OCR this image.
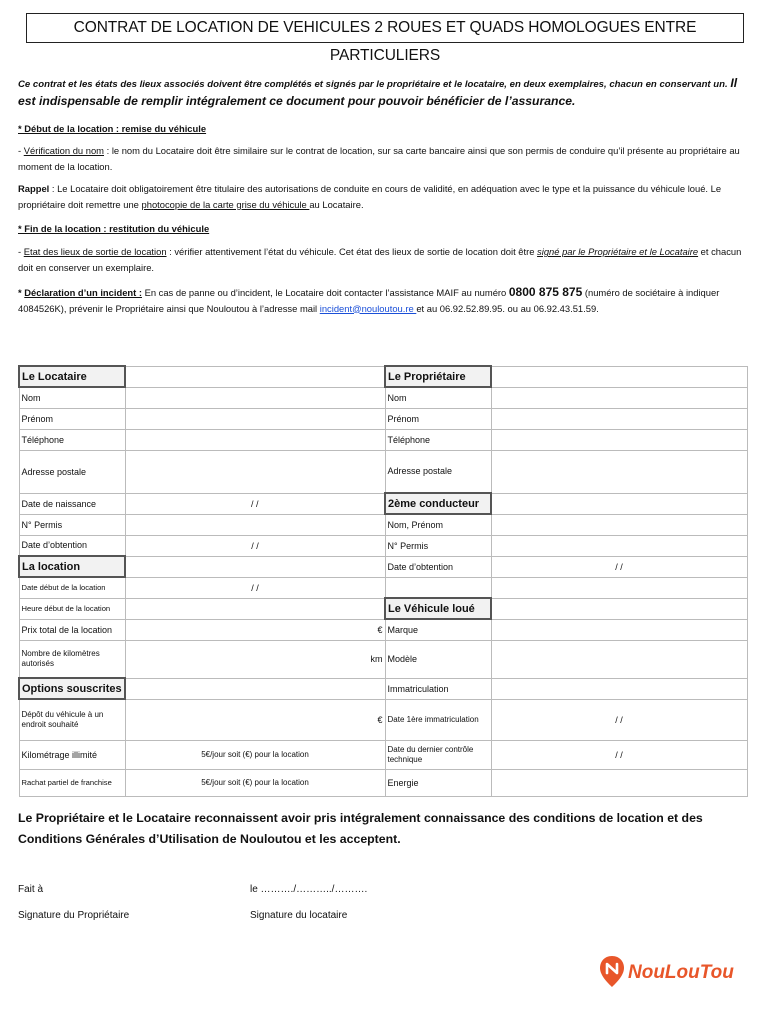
CONTRAT DE LOCATION DE VEHICULES 2 ROUES ET QUADS HOMOLOGUES ENTRE PARTICULIERS
Ce contrat et les états des lieux associés doivent être complétés et signés par le propriétaire et le locataire, en deux exemplaires, chacun en conservant un. Il est indispensable de remplir intégralement ce document pour pouvoir bénéficier de l’assurance.
* Début de la location : remise du véhicule
- Vérification du nom : le nom du Locataire doit être similaire sur le contrat de location, sur sa carte bancaire ainsi que son permis de conduire qu’il présente au propriétaire au moment de la location.
Rappel : Le Locataire doit obligatoirement être titulaire des autorisations de conduite en cours de validité, en adéquation avec le type et la puissance du véhicule loué. Le propriétaire doit remettre une photocopie de la carte grise du véhicule au Locataire.
* Fin de la location : restitution du véhicule
- Etat des lieux de sortie de location : vérifier attentivement l’état du véhicule. Cet état des lieux de sortie de location doit être signé par le Propriétaire et le Locataire et chacun doit en conserver un exemplaire.
* Déclaration d’un incident : En cas de panne ou d’incident, le Locataire doit contacter l’assistance MAIF au numéro 0800 875 875 (numéro de sociétaire à indiquer 4084526K), prévenir le Propriétaire ainsi que Nouloutou à l’adresse mail incident@nouloutou.re et au 06.92.52.89.95. ou au 06.92.43.51.59.
Le Locataire		Le Propriétaire	
Nom		Nom	
Prénom		Prénom	
Téléphone		Téléphone	
Adresse postale		Adresse postale	
Date de naissance	/ /	2ème conducteur	
N° Permis		Nom, Prénom	
Date d’obtention	/ /	N° Permis	
La location		Date d’obtention	/ /
Date début de la location	/ /		
Heure début de la location		Le Véhicule loué	
Prix total de la location	€	Marque	
Nombre de kilomètres autorisés	km	Modèle	
Options souscrites		Immatriculation	
Dépôt du véhicule à un endroit souhaité	€	Date 1ère immatriculation	/ /
Kilométrage illimité	5€/jour soit (€) pour la location	Date du dernier contrôle technique	/ /
Rachat partiel de franchise	5€/jour soit (€) pour la location	Energie	
Le Propriétaire et le Locataire reconnaissent avoir pris intégralement connaissance des conditions de location et des Conditions Générales d’Utilisation de Nouloutou et les acceptent.
Fait à	le ………./………../……….
Signature du Propriétaire	Signature du locataire
NouLouTou
